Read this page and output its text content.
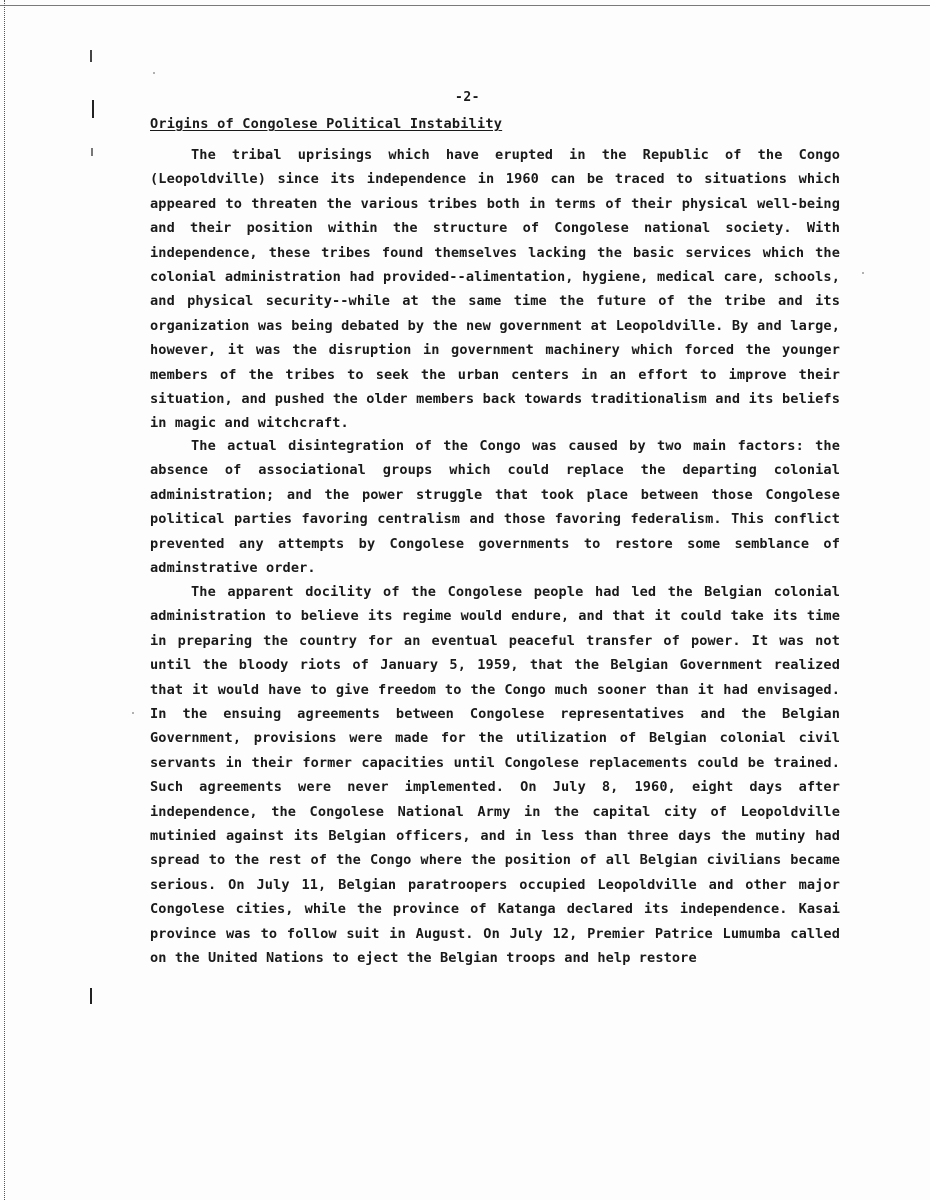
-2-
Origins of Congolese Political Instability

The tribal uprisings which have erupted in the Republic of the Congo (Leopoldville) since its independence in 1960 can be traced to situations which appeared to threaten the various tribes both in terms of their physical well-being and their position within the structure of Congolese national society. With independence, these tribes found themselves lacking the basic services which the colonial administration had provided--alimentation, hygiene, medical care, schools, and physical security--while at the same time the future of the tribe and its organization was being debated by the new government at Leopoldville. By and large, however, it was the disruption in government machinery which forced the younger members of the tribes to seek the urban centers in an effort to improve their situation, and pushed the older members back towards traditionalism and its beliefs in magic and witchcraft.

The actual disintegration of the Congo was caused by two main factors: the absence of associational groups which could replace the departing colonial administration; and the power struggle that took place between those Congolese political parties favoring centralism and those favoring federalism. This conflict prevented any attempts by Congolese governments to restore some semblance of adminstrative order.

The apparent docility of the Congolese people had led the Belgian colonial administration to believe its regime would endure, and that it could take its time in preparing the country for an eventual peaceful transfer of power. It was not until the bloody riots of January 5, 1959, that the Belgian Government realized that it would have to give freedom to the Congo much sooner than it had envisaged. In the ensuing agreements between Congolese representatives and the Belgian Government, provisions were made for the utilization of Belgian colonial civil servants in their former capacities until Congolese replacements could be trained. Such agreements were never implemented. On July 8, 1960, eight days after independence, the Congolese National Army in the capital city of Leopoldville mutinied against its Belgian officers, and in less than three days the mutiny had spread to the rest of the Congo where the position of all Belgian civilians became serious. On July 11, Belgian paratroopers occupied Leopoldville and other major Congolese cities, while the province of Katanga declared its independence. Kasai province was to follow suit in August. On July 12, Premier Patrice Lumumba called on the United Nations to eject the Belgian troops and help restore
